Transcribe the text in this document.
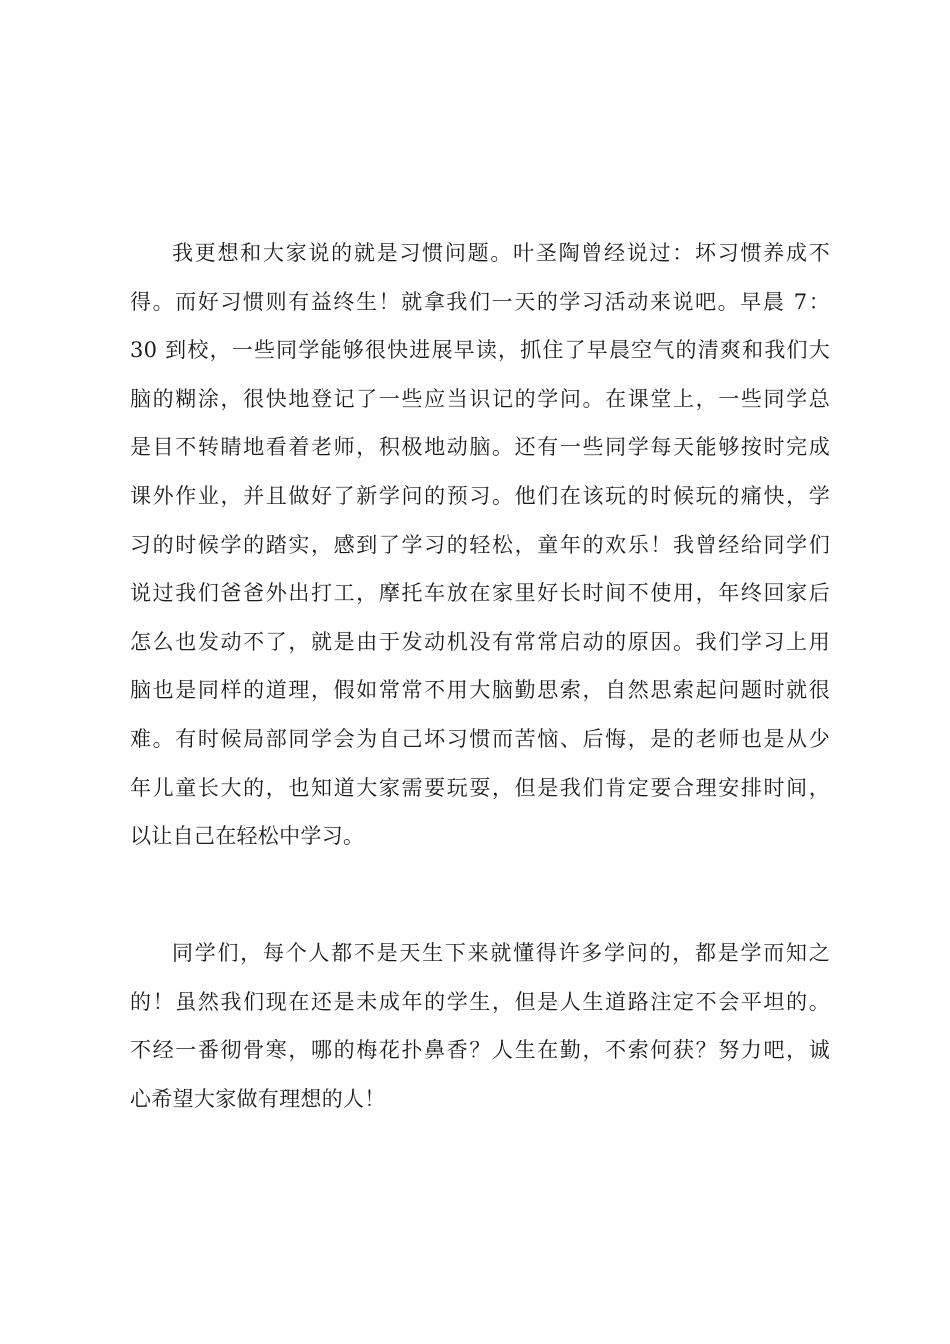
我更想和大家说的就是习惯问题。叶圣陶曾经说过：坏习惯养成不
得。而好习惯则有益终生！就拿我们一天的学习活动来说吧。早晨 7：
30 到校，一些同学能够很快进展早读，抓住了早晨空气的清爽和我们大
脑的糊涂，很快地登记了一些应当识记的学问。在课堂上，一些同学总
是目不转睛地看着老师，积极地动脑。还有一些同学每天能够按时完成
课外作业，并且做好了新学问的预习。他们在该玩的时候玩的痛快，学
习的时候学的踏实，感到了学习的轻松，童年的欢乐！我曾经给同学们
说过我们爸爸外出打工，摩托车放在家里好长时间不使用，年终回家后
怎么也发动不了，就是由于发动机没有常常启动的原因。我们学习上用
脑也是同样的道理，假如常常不用大脑勤思索，自然思索起问题时就很
难。有时候局部同学会为自己坏习惯而苦恼、后悔，是的老师也是从少
年儿童长大的，也知道大家需要玩耍，但是我们肯定要合理安排时间，
以让自己在轻松中学习。
同学们，每个人都不是天生下来就懂得许多学问的，都是学而知之
的！虽然我们现在还是未成年的学生，但是人生道路注定不会平坦的。
不经一番彻骨寒，哪的梅花扑鼻香？人生在勤，不索何获？努力吧，诚
心希望大家做有理想的人！
